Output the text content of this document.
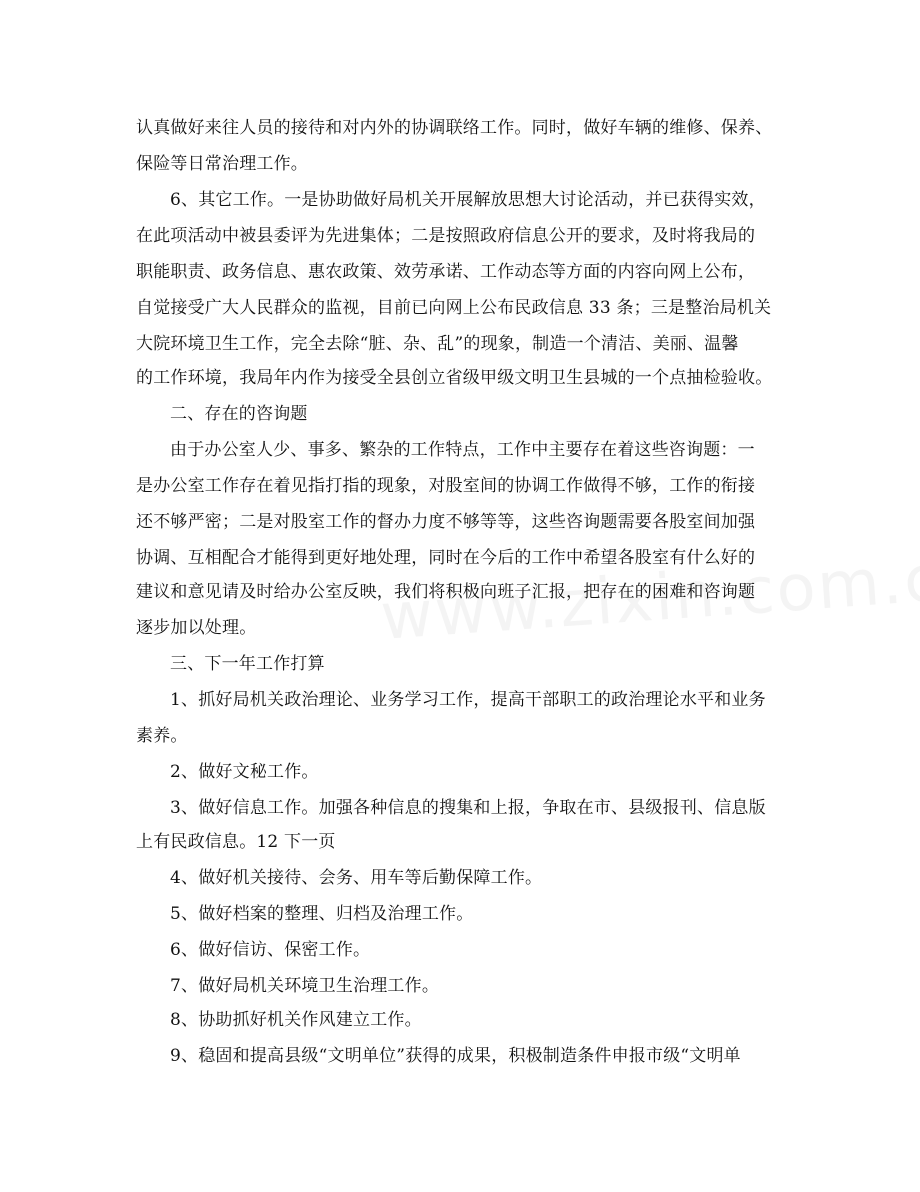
认真做好来往人员的接待和对内外的协调联络工作。同时，做好车辆的维修、保养、
保险等日常治理工作。
6、其它工作。一是协助做好局机关开展解放思想大讨论活动，并已获得实效，
在此项活动中被县委评为先进集体；二是按照政府信息公开的要求，及时将我局的
职能职责、政务信息、惠农政策、效劳承诺、工作动态等方面的内容向网上公布，
自觉接受广大人民群众的监视，目前已向网上公布民政信息 33 条；三是整治局机关
大院环境卫生工作，完全去除“脏、杂、乱”的现象，制造一个清洁、美丽、温馨
的工作环境，我局年内作为接受全县创立省级甲级文明卫生县城的一个点抽检验收。
二、存在的咨询题
由于办公室人少、事多、繁杂的工作特点，工作中主要存在着这些咨询题：一
是办公室工作存在着见指打指的现象，对股室间的协调工作做得不够，工作的衔接
还不够严密；二是对股室工作的督办力度不够等等，这些咨询题需要各股室间加强
协调、互相配合才能得到更好地处理，同时在今后的工作中希望各股室有什么好的
建议和意见请及时给办公室反映，我们将积极向班子汇报，把存在的困难和咨询题
逐步加以处理。
三、下一年工作打算
1、抓好局机关政治理论、业务学习工作，提高干部职工的政治理论水平和业务
素养。
2、做好文秘工作。
3、做好信息工作。加强各种信息的搜集和上报，争取在市、县级报刊、信息版
上有民政信息。12 下一页
4、做好机关接待、会务、用车等后勤保障工作。
5、做好档案的整理、归档及治理工作。
6、做好信访、保密工作。
7、做好局机关环境卫生治理工作。
8、协助抓好机关作风建立工作。
9、稳固和提高县级“文明单位”获得的成果，积极制造条件申报市级“文明单
